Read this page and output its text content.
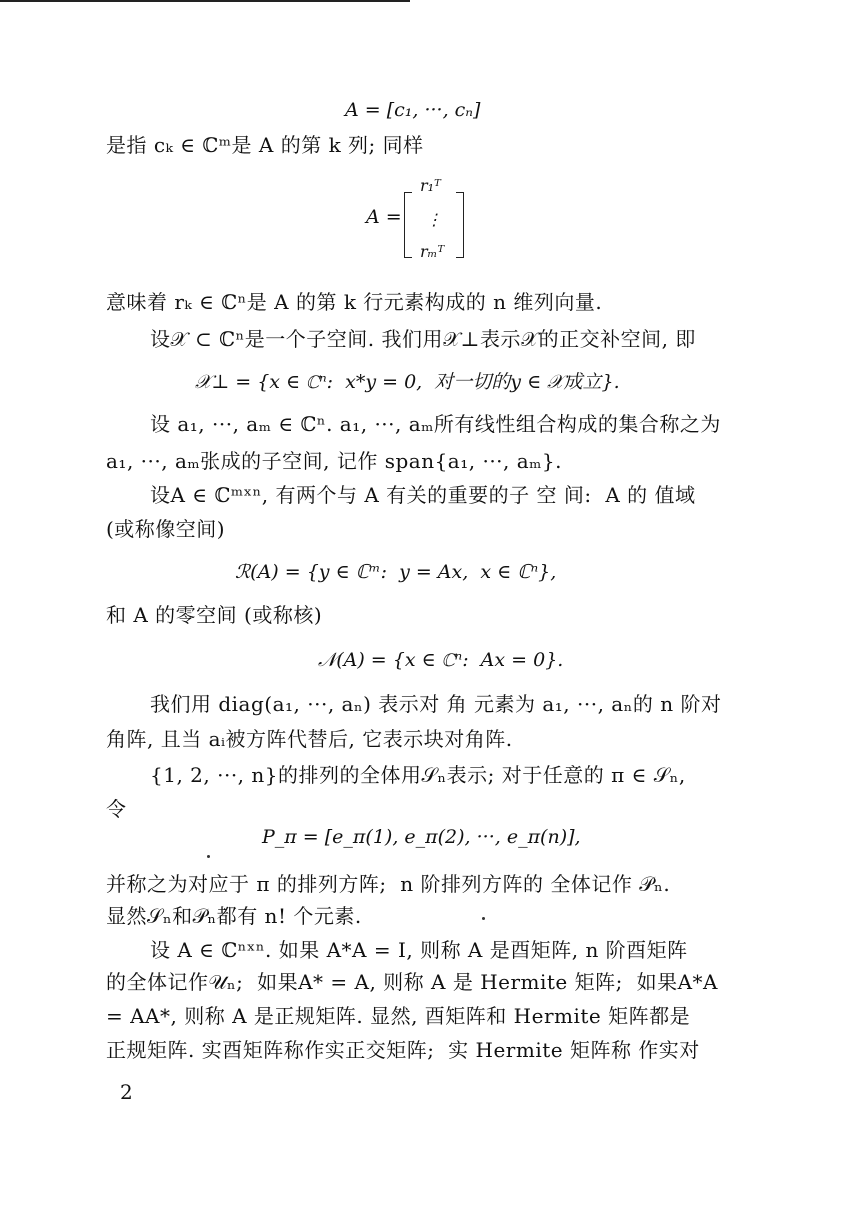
A = [c₁, ···, cₙ]
是指 cₖ ∈ ℂᵐ是 A 的第 k 列; 同样
A =
r₁ᵀ
⋮
rₘᵀ
意味着 rₖ ∈ ℂⁿ是 A 的第 k 行元素构成的 n 维列向量.
设𝒳 ⊂ ℂⁿ是一个子空间. 我们用𝒳⊥表示𝒳的正交补空间, 即
𝒳⊥ = {x ∈ ℂⁿ:  x*y = 0,  对一切的y ∈ 𝒳成立}.
设 a₁, ···, aₘ ∈ ℂⁿ. a₁, ···, aₘ所有线性组合构成的集合称之为
a₁, ···, aₘ张成的子空间, 记作 span{a₁, ···, aₘ}.
设A ∈ ℂᵐˣⁿ, 有两个与 A 有关的重要的子 空 间:  A 的 值域
(或称像空间)
ℛ(A) = {y ∈ ℂᵐ:  y = Ax,  x ∈ ℂⁿ},
和 A 的零空间 (或称核)
𝒩(A) = {x ∈ ℂⁿ:  Ax = 0}.
我们用 diag(a₁, ···, aₙ) 表示对 角 元素为 a₁, ···, aₙ的 n 阶对
角阵, 且当 aᵢ被方阵代替后, 它表示块对角阵.
{1, 2, ···, n}的排列的全体用𝒮ₙ表示; 对于任意的 π ∈ 𝒮ₙ,
令
P_π = [e_π(1), e_π(2), ···, e_π(n)],
并称之为对应于 π 的排列方阵;  n 阶排列方阵的 全体记作 𝒫ₙ.
显然𝒮ₙ和𝒫ₙ都有 n! 个元素.
设 A ∈ ℂⁿˣⁿ. 如果 A*A = I, 则称 A 是酉矩阵, n 阶酉矩阵
的全体记作𝒰ₙ;  如果A* = A, 则称 A 是 Hermite 矩阵;  如果A*A
= AA*, 则称 A 是正规矩阵. 显然, 酉矩阵和 Hermite 矩阵都是
正规矩阵. 实酉矩阵称作实正交矩阵;  实 Hermite 矩阵称 作实对
2
